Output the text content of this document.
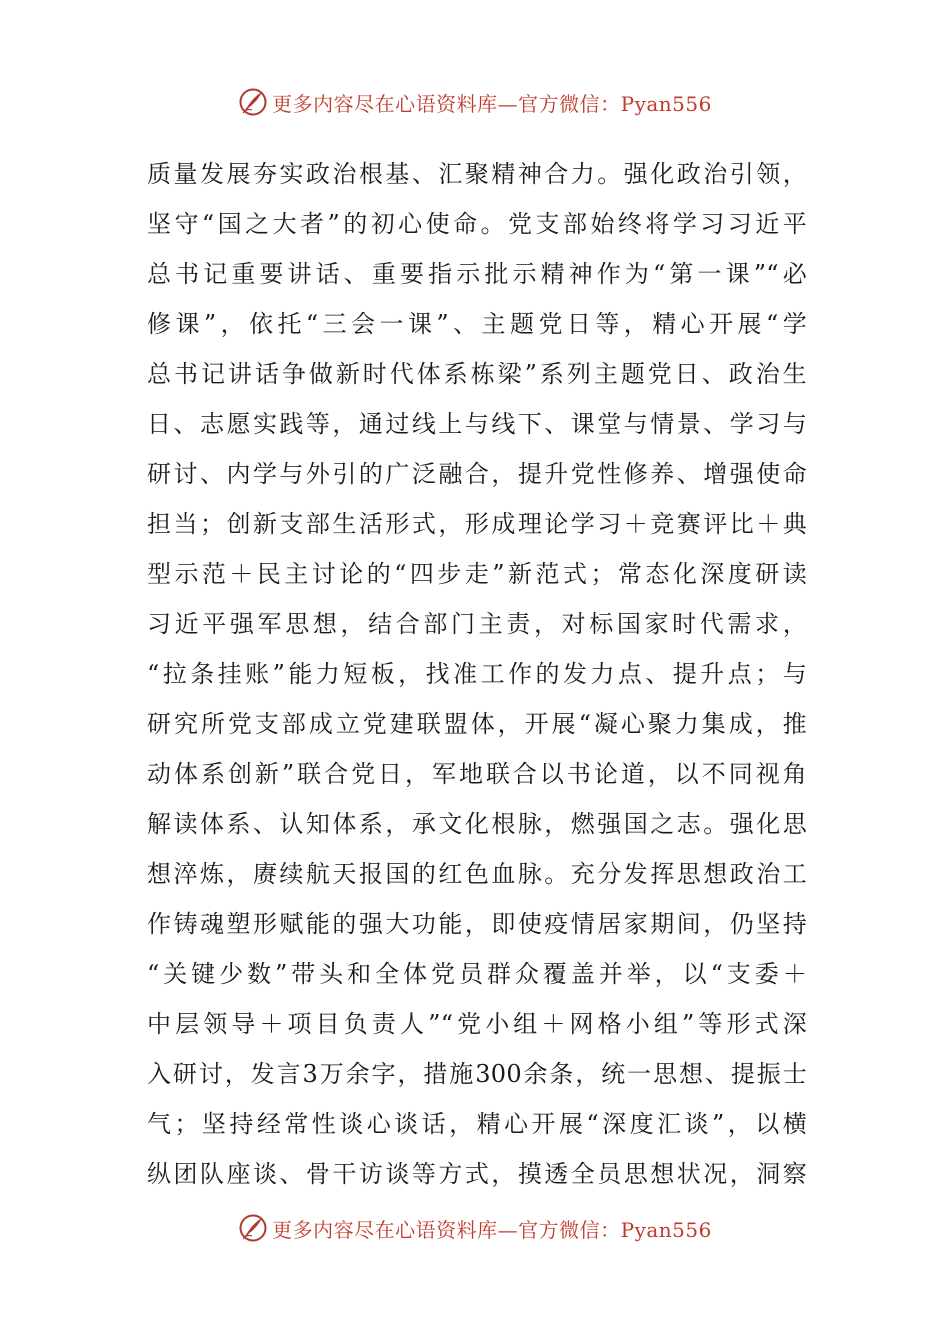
更多内容尽在心语资料库—官方微信：Pyan556
质量发展夯实政治根基、汇聚精神合力。强化政治引领，
坚守“国之大者”的初心使命。党支部始终将学习习近平
总书记重要讲话、重要指示批示精神作为“第一课”“必
修课”，依托“三会一课”、主题党日等，精心开展“学
总书记讲话争做新时代体系栋梁”系列主题党日、政治生
日、志愿实践等，通过线上与线下、课堂与情景、学习与
研讨、内学与外引的广泛融合，提升党性修养、增强使命
担当；创新支部生活形式，形成理论学习＋竞赛评比＋典
型示范＋民主讨论的“四步走”新范式；常态化深度研读
习近平强军思想，结合部门主责，对标国家时代需求，
“拉条挂账”能力短板，找准工作的发力点、提升点；与
研究所党支部成立党建联盟体，开展“凝心聚力集成，推
动体系创新”联合党日，军地联合以书论道，以不同视角
解读体系、认知体系，承文化根脉，燃强国之志。强化思
想淬炼，赓续航天报国的红色血脉。充分发挥思想政治工
作铸魂塑形赋能的强大功能，即使疫情居家期间，仍坚持
“关键少数”带头和全体党员群众覆盖并举，以“支委＋
中层领导＋项目负责人”“党小组＋网格小组”等形式深
入研讨，发言3万余字，措施300余条，统一思想、提振士
气；坚持经常性谈心谈话，精心开展“深度汇谈”，以横
纵团队座谈、骨干访谈等方式，摸透全员思想状况，洞察
更多内容尽在心语资料库—官方微信：Pyan556
